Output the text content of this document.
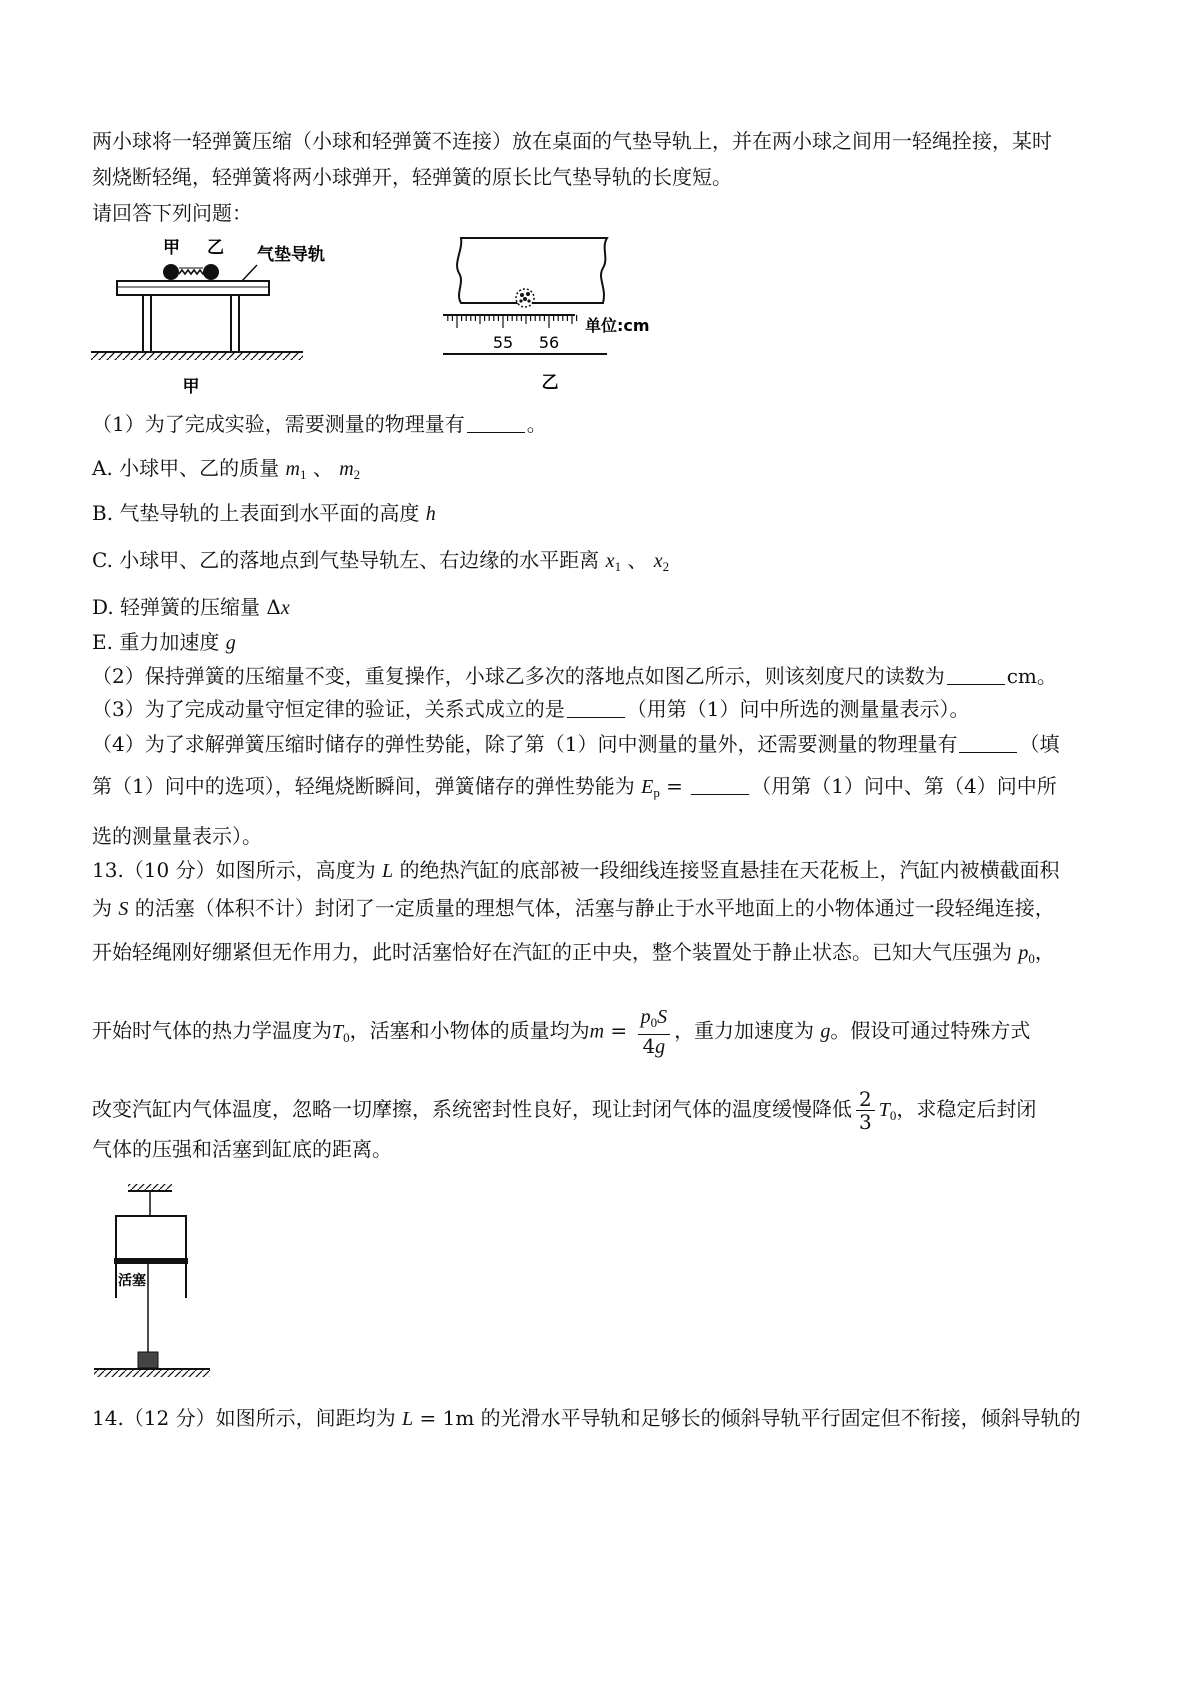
两小球将一轻弹簧压缩（小球和轻弹簧不连接）放在桌面的气垫导轨上，并在两小球之间用一轻绳拴接，某时
刻烧断轻绳，轻弹簧将两小球弹开，轻弹簧的原长比气垫导轨的长度短。
请回答下列问题：
甲 乙 气垫导轨
甲
55 56
单位:cm
乙
（1）为了完成实验，需要测量的物理量有	。
A. 小球甲、乙的质量 $m_1$ 、 $m_2$
B. 气垫导轨的上表面到水平面的高度 h
C. 小球甲、乙的落地点到气垫导轨左、右边缘的水平距离 $x_1$ 、 $x_2$
D. 轻弹簧的压缩量 Δx
E. 重力加速度 g
（2）保持弹簧的压缩量不变，重复操作，小球乙多次的落地点如图乙所示，则该刻度尺的读数为	cm。
（3）为了完成动量守恒定律的验证，关系式成立的是	（用第（1）问中所选的测量量表示）。
（4）为了求解弹簧压缩时储存的弹性势能，除了第（1）问中测量的量外，还需要测量的物理量有	（填
第（1）问中的选项），轻绳烧断瞬间，弹簧储存的弹性势能为 $E_p$ =	（用第（1）问中、第（4）问中所
选的测量量表示）。
13.（10 分）如图所示，高度为 L 的绝热汽缸的底部被一段细线连接竖直悬挂在天花板上，汽缸内被横截面积
为 S 的活塞（体积不计）封闭了一定质量的理想气体，活塞与静止于水平地面上的小物体通过一段轻绳连接，
开始轻绳刚好绷紧但无作用力，此时活塞恰好在汽缸的正中央，整个装置处于静止状态。已知大气压强为 $p_0$，
开始时气体的热力学温度为$T_0$，活塞和小物体的质量均为$m = \frac{p_0S}{4g}$ ，重力加速度为 g。假设可通过特殊方式
改变汽缸内气体温度，忽略一切摩擦，系统密封性良好，现让封闭气体的温度缓慢降低 $\frac{2}{3} T_0$，求稳定后封闭
气体的压强和活塞到缸底的距离。
活塞
14.（12 分）如图所示，间距均为 L = 1m 的光滑水平导轨和足够长的倾斜导轨平行固定但不衔接，倾斜导轨的
